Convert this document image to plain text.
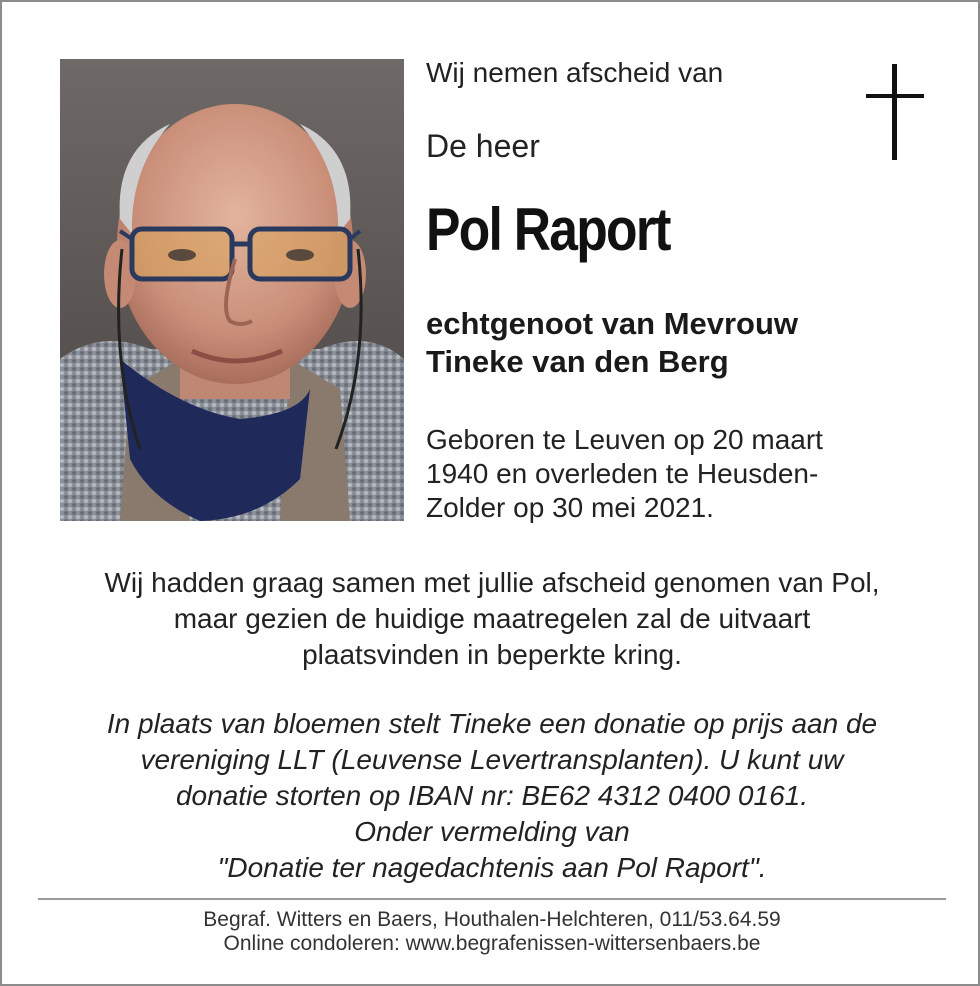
Wij nemen afscheid van
De heer
Pol Raport
echtgenoot van Mevrouw
Tineke van den Berg
Geboren te Leuven op 20 maart
1940 en overleden te Heusden-
Zolder op 30 mei 2021.
Wij hadden graag samen met jullie afscheid genomen van Pol,
maar gezien de huidige maatregelen zal de uitvaart
plaatsvinden in beperkte kring.
In plaats van bloemen stelt Tineke een donatie op prijs aan de
vereniging LLT (Leuvense Levertransplanten). U kunt uw
donatie storten op IBAN nr: BE62 4312 0400 0161.
Onder vermelding van
"Donatie ter nagedachtenis aan Pol Raport".
Begraf. Witters en Baers, Houthalen-Helchteren, 011/53.64.59
Online condoleren: www.begrafenissen-wittersenbaers.be
